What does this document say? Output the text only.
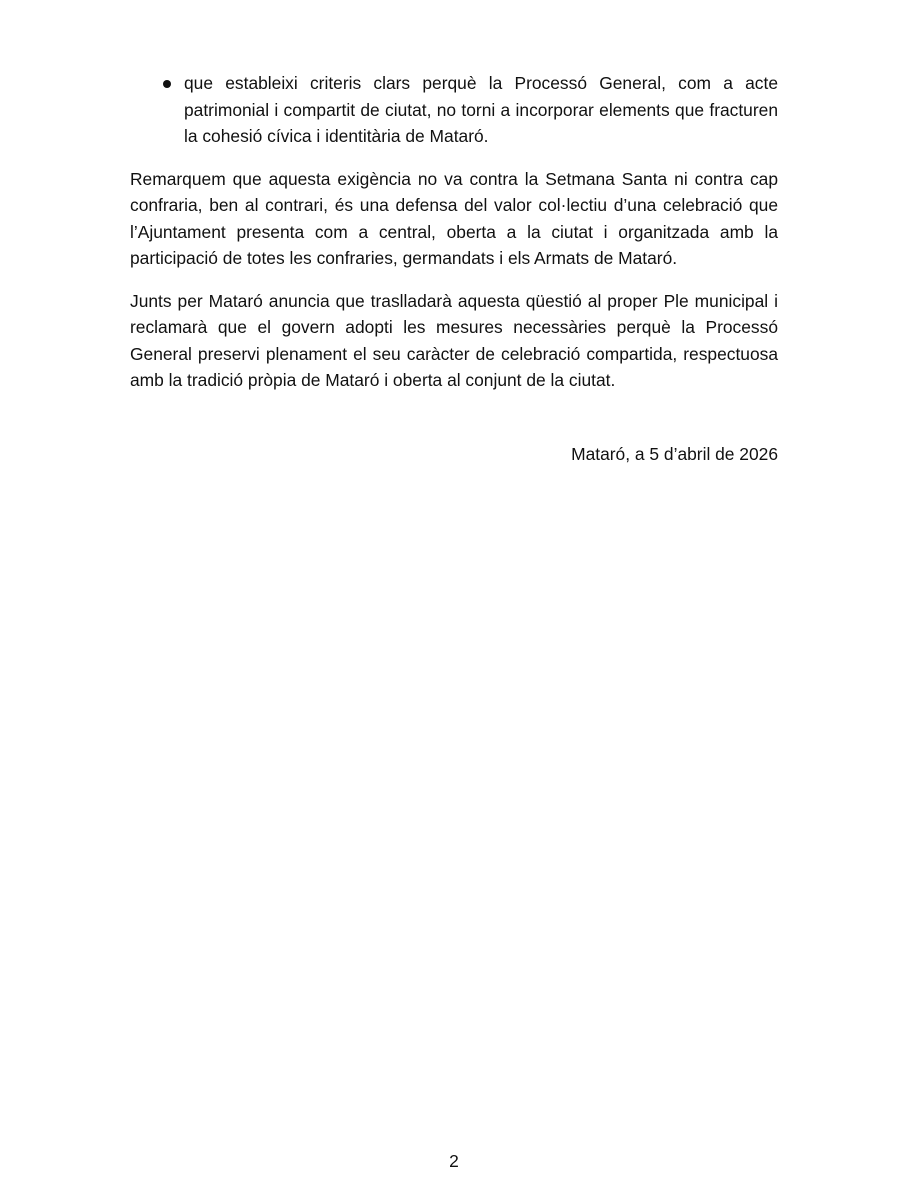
que estableixi criteris clars perquè la Processó General, com a acte patrimonial i compartit de ciutat, no torni a incorporar elements que fracturen la cohesió cívica i identitària de Mataró.

Remarquem que aquesta exigència no va contra la Setmana Santa ni contra cap confraria, ben al contrari, és una defensa del valor col·lectiu d’una celebració que l’Ajuntament presenta com a central, oberta a la ciutat i organitzada amb la participació de totes les confraries, germandats i els Armats de Mataró.

Junts per Mataró anuncia que traslladarà aquesta qüestió al proper Ple municipal i reclamarà que el govern adopti les mesures necessàries perquè la Processó General preservi plenament el seu caràcter de celebració compartida, respectuosa amb la tradició pròpia de Mataró i oberta al conjunt de la ciutat.

Mataró, a 5 d’abril de 2026

2
